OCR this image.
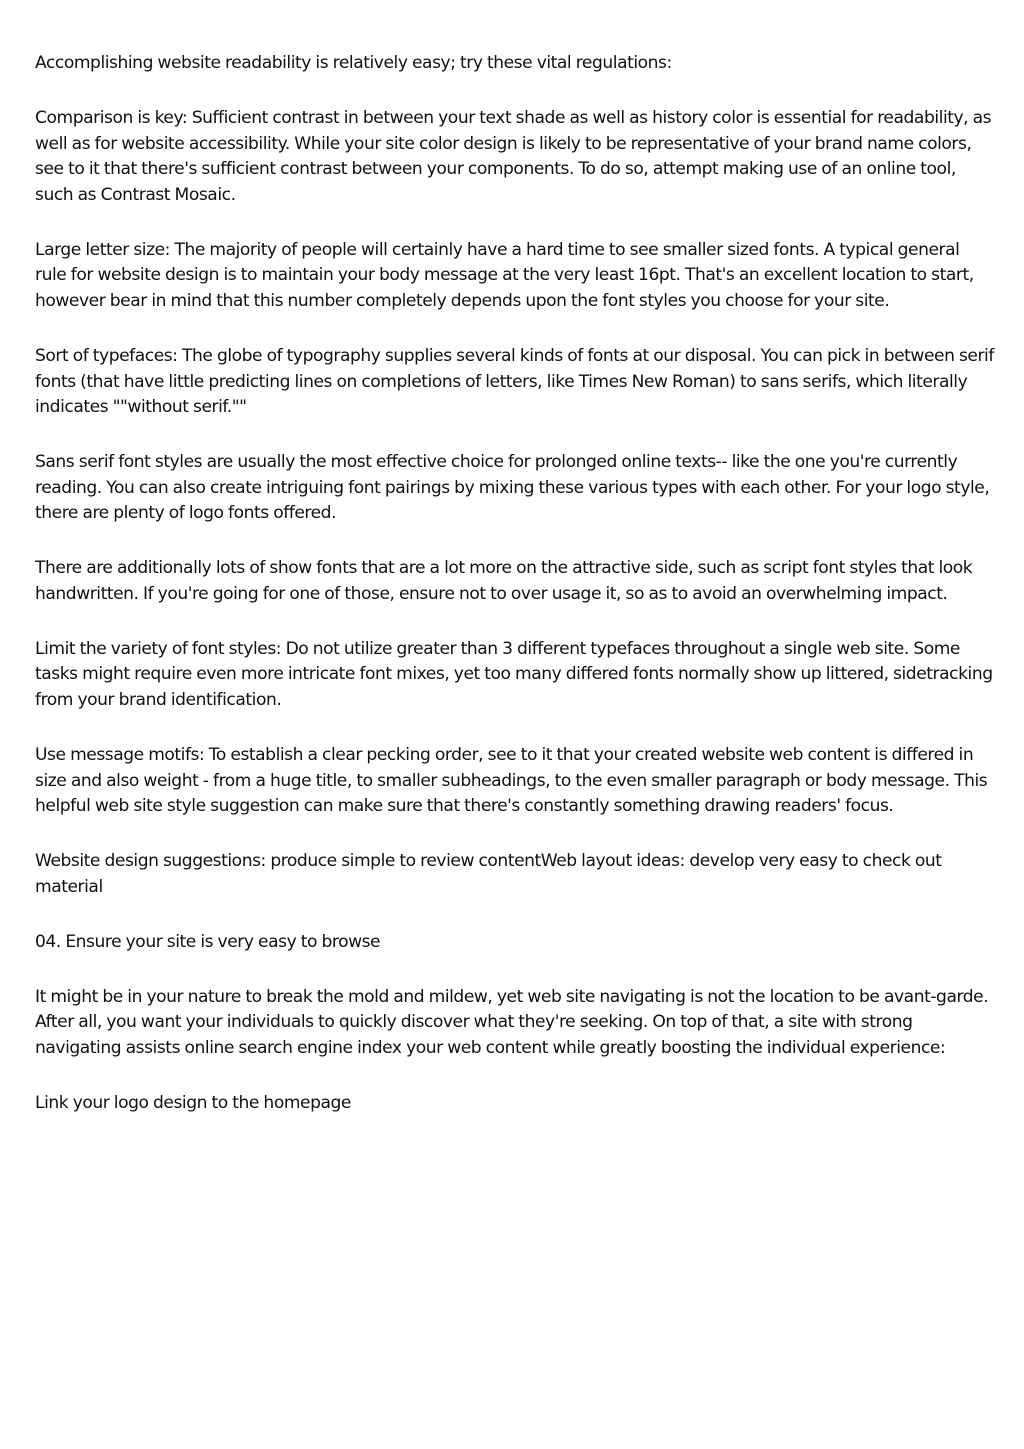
Accomplishing website readability is relatively easy; try these vital regulations:

Comparison is key: Sufficient contrast in between your text shade as well as history color is essential for readability, as well as for website accessibility. While your site color design is likely to be representative of your brand name colors, see to it that there's sufficient contrast between your components. To do so, attempt making use of an online tool, such as Contrast Mosaic.

Large letter size: The majority of people will certainly have a hard time to see smaller sized fonts. A typical general rule for website design is to maintain your body message at the very least 16pt. That's an excellent location to start, however bear in mind that this number completely depends upon the font styles you choose for your site.

Sort of typefaces: The globe of typography supplies several kinds of fonts at our disposal. You can pick in between serif fonts (that have little predicting lines on completions of letters, like Times New Roman) to sans serifs, which literally indicates ""without serif.""

Sans serif font styles are usually the most effective choice for prolonged online texts-- like the one you're currently reading. You can also create intriguing font pairings by mixing these various types with each other. For your logo style, there are plenty of logo fonts offered.

There are additionally lots of show fonts that are a lot more on the attractive side, such as script font styles that look handwritten. If you're going for one of those, ensure not to over usage it, so as to avoid an overwhelming impact.

Limit the variety of font styles: Do not utilize greater than 3 different typefaces throughout a single web site. Some tasks might require even more intricate font mixes, yet too many differed fonts normally show up littered, sidetracking from your brand identification.

Use message motifs: To establish a clear pecking order, see to it that your created website web content is differed in size and also weight - from a huge title, to smaller subheadings, to the even smaller paragraph or body message. This helpful web site style suggestion can make sure that there's constantly something drawing readers' focus.

Website design suggestions: produce simple to review contentWeb layout ideas: develop very easy to check out material

04. Ensure your site is very easy to browse

It might be in your nature to break the mold and mildew, yet web site navigating is not the location to be avant-garde. After all, you want your individuals to quickly discover what they're seeking. On top of that, a site with strong navigating assists online search engine index your web content while greatly boosting the individual experience:

Link your logo design to the homepage
